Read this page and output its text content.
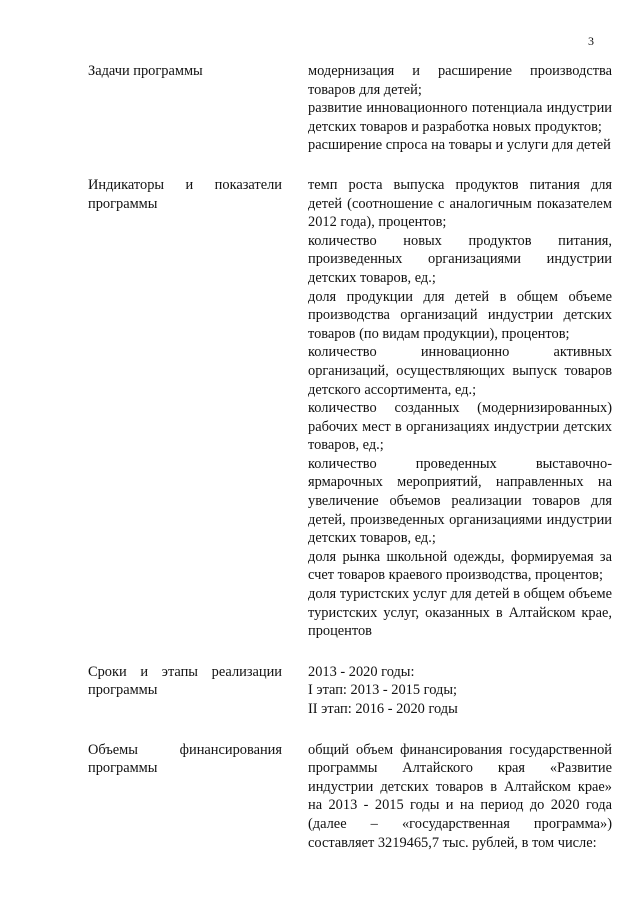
3
Задачи программы	модернизация и расширение производства товаров для детей;

развитие инновационного потенциала индустрии детских товаров и разработка новых продуктов;

расширение спроса на товары и услуги для детей

Индикаторы и показатели программы

темп роста выпуска продуктов питания для детей (соотношение с аналогичным показателем 2012 года), процентов;

количество новых продуктов питания, произведенных организациями индустрии детских товаров, ед.;

доля продукции для детей в общем объеме производства организаций индустрии детских товаров (по видам продукции), процентов;

количество инновационно активных организаций, осуществляющих выпуск товаров детского ассортимента, ед.;

количество созданных (модернизированных) рабочих мест в организациях индустрии детских товаров, ед.;

количество проведенных выставочно-ярмарочных мероприятий, направленных на увеличение объемов реализации товаров для детей, произведенных организациями индустрии детских товаров, ед.;

доля рынка школьной одежды, формируемая за счет товаров краевого производства, процентов;

доля туристских услуг для детей в общем объеме туристских услуг, оказанных в Алтайском крае, процентов

Сроки и этапы реализации программы

2013 - 2020 годы:

I этап: 2013 - 2015 годы;

II этап: 2016 - 2020 годы

Объемы финансирования программы

общий объем финансирования государственной программы Алтайского края «Развитие индустрии детских товаров в Алтайском крае» на 2013 - 2015 годы и на период до 2020 года (далее – «государственная программа») составляет 3219465,7 тыс. рублей, в том числе:
